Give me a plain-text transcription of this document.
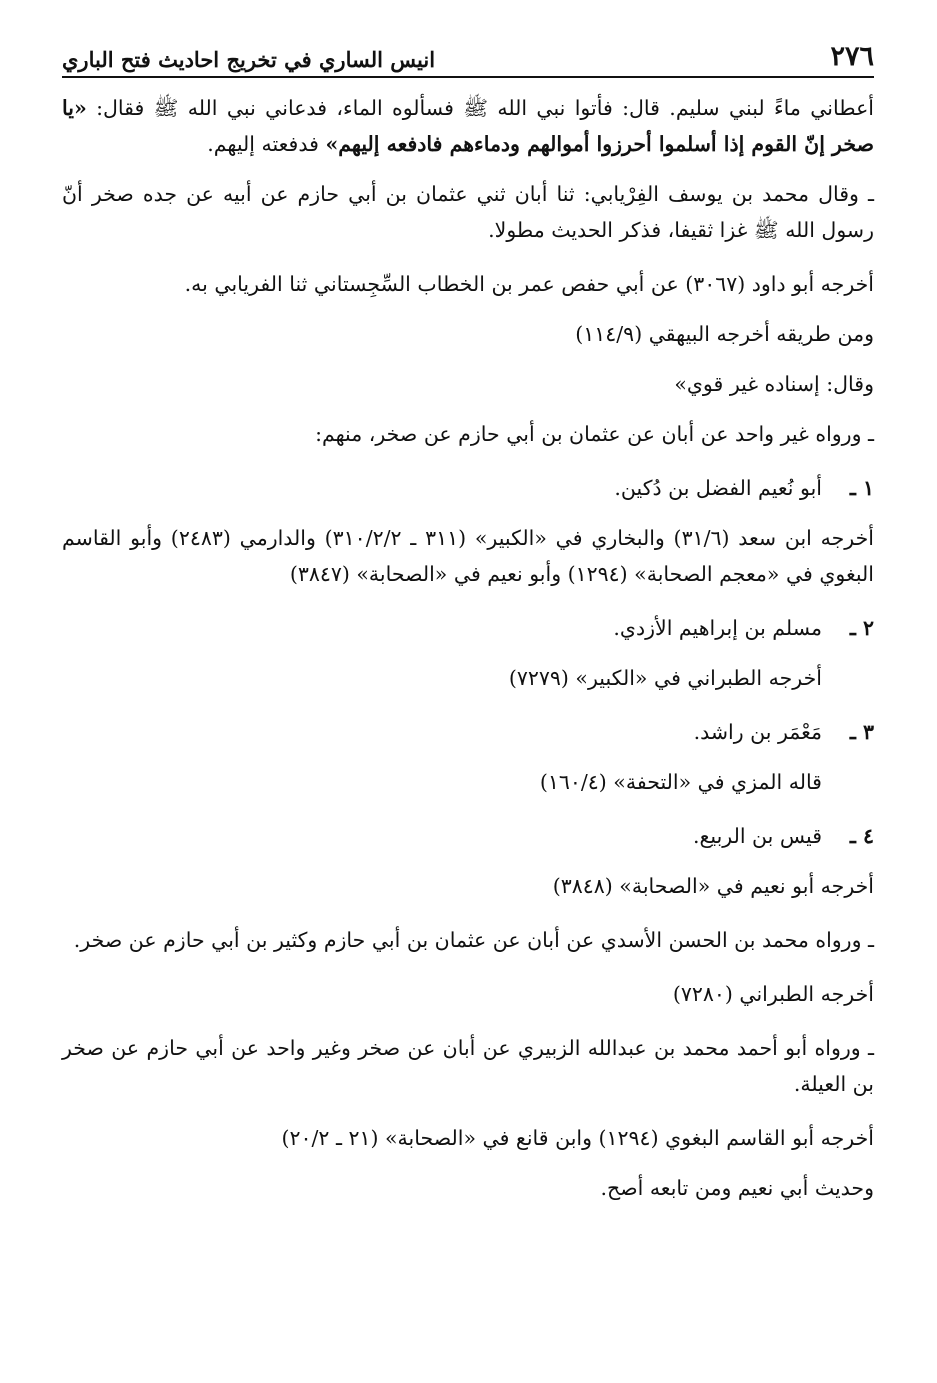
٢٧٦
انيس الساري في تخريج احاديث فتح الباري

أعطاني ماءً لبني سليم. قال: فأتوا نبي الله ﷺ فسألوه الماء، فدعاني نبي الله ﷺ فقال: «يا صخر إنّ القوم إذا أسلموا أحرزوا أموالهم ودماءهم فادفعه إليهم» فدفعته إليهم.

ـ وقال محمد بن يوسف الفِرْيابي: ثنا أبان ثني عثمان بن أبي حازم عن أبيه عن جده صخر أنّ رسول الله ﷺ غزا ثقيفا، فذكر الحديث مطولا.

أخرجه أبو داود (٣٠٦٧) عن أبي حفص عمر بن الخطاب السِّجِستاني ثنا الفريابي به.

ومن طريقه أخرجه البيهقي (١١٤/٩)

وقال: إسناده غير قوي»

ـ ورواه غير واحد عن أبان عن عثمان بن أبي حازم عن صخر، منهم:

١ ـ
أبو نُعيم الفضل بن دُكين.

أخرجه ابن سعد (٣١/٦) والبخاري في «الكبير» (٣١١ ـ ٣١٠/٢/٢) والدارمي (٢٤٨٣) وأبو القاسم البغوي في «معجم الصحابة» (١٢٩٤) وأبو نعيم في «الصحابة» (٣٨٤٧)

٢ ـ
مسلم بن إبراهيم الأزدي.

أخرجه الطبراني في «الكبير» (٧٢٧٩)

٣ ـ
مَعْمَر بن راشد.

قاله المزي في «التحفة» (١٦٠/٤)

٤ ـ
قيس بن الربيع.

أخرجه أبو نعيم في «الصحابة» (٣٨٤٨)

ـ ورواه محمد بن الحسن الأسدي عن أبان عن عثمان بن أبي حازم وكثير بن أبي حازم عن صخر.

أخرجه الطبراني (٧٢٨٠)

ـ ورواه أبو أحمد محمد بن عبدالله الزبيري عن أبان عن صخر وغير واحد عن أبي حازم عن صخر بن العيلة.

أخرجه أبو القاسم البغوي (١٢٩٤) وابن قانع في «الصحابة» (٢١ ـ ٢٠/٢)

وحديث أبي نعيم ومن تابعه أصح.
